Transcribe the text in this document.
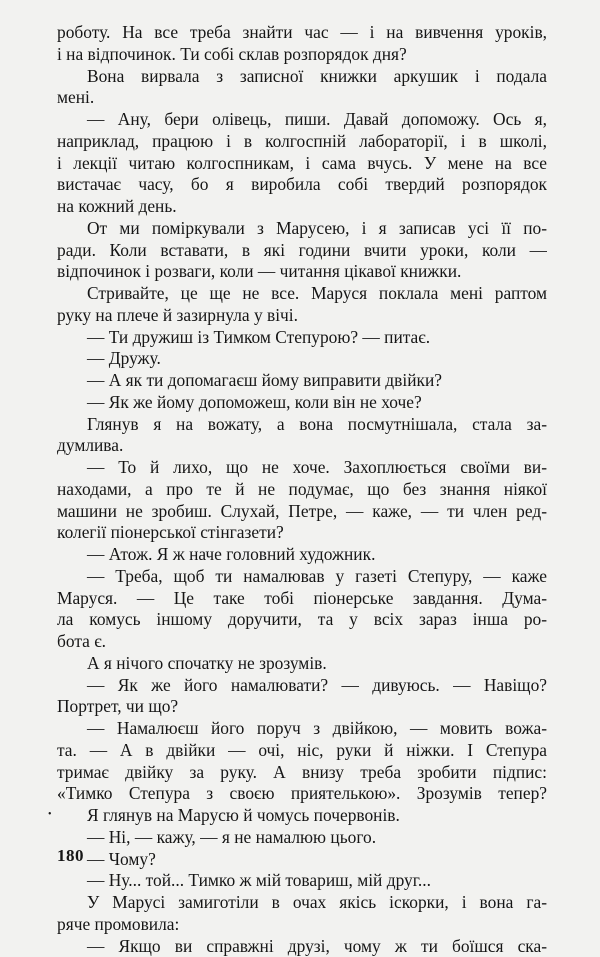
роботу. На все треба знайти час — і на вивчення уроків,
і на відпочинок. Ти собі склав розпорядок дня?
Вона вирвала з записної книжки аркушик і подала
мені.
— Ану, бери олівець, пиши. Давай допоможу. Ось я,
наприклад, працюю і в колгоспній лабораторії, і в школі,
і лекції читаю колгоспникам, і сама вчусь. У мене на все
вистачає часу, бо я виробила собі твердий розпорядок
на кожний день.
От ми поміркували з Марусею, і я записав усі її по-
ради. Коли вставати, в які години вчити уроки, коли —
відпочинок і розваги, коли — читання цікавої книжки.
Стривайте, це ще не все. Маруся поклала мені раптом
руку на плече й зазирнула у вічі.
— Ти дружиш із Тимком Степурою? — питає.
— Дружу.
— А як ти допомагаєш йому виправити двійки?
— Як же йому допоможеш, коли він не хоче?
Глянув я на вожату, а вона посмутнішала, стала за-
думлива.
— То й лихо, що не хоче. Захоплюється своїми ви-
находами, а про те й не подумає, що без знання ніякої
машини не зробиш. Слухай, Петре, — каже, — ти член ред-
колегії піонерської стінгазети?
— Атож. Я ж наче головний художник.
— Треба, щоб ти намалював у газеті Степуру, — каже
Маруся. — Це таке тобі піонерське завдання. Дума-
ла комусь іншому доручити, та у всіх зараз інша ро-
бота є.
А я нічого спочатку не зрозумів.
— Як же його намалювати? — дивуюсь. — Навіщо?
Портрет, чи що?
— Намалюєш його поруч з двійкою, — мовить вожа-
та. — А в двійки — очі, ніс, руки й ніжки. І Степура
тримає двійку за руку. А внизу треба зробити підпис:
«Тимко Степура з своєю приятелькою». Зрозумів тепер?
Я глянув на Марусю й чомусь почервонів.
— Ні, — кажу, — я не намалюю цього.
— Чому?
— Ну... той... Тимко ж мій товариш, мій друг...
У Марусі замиготіли в очах якісь іскорки, і вона га-
ряче промовила:
— Якщо ви справжні друзі, чому ж ти боїшся ска-
•
180
